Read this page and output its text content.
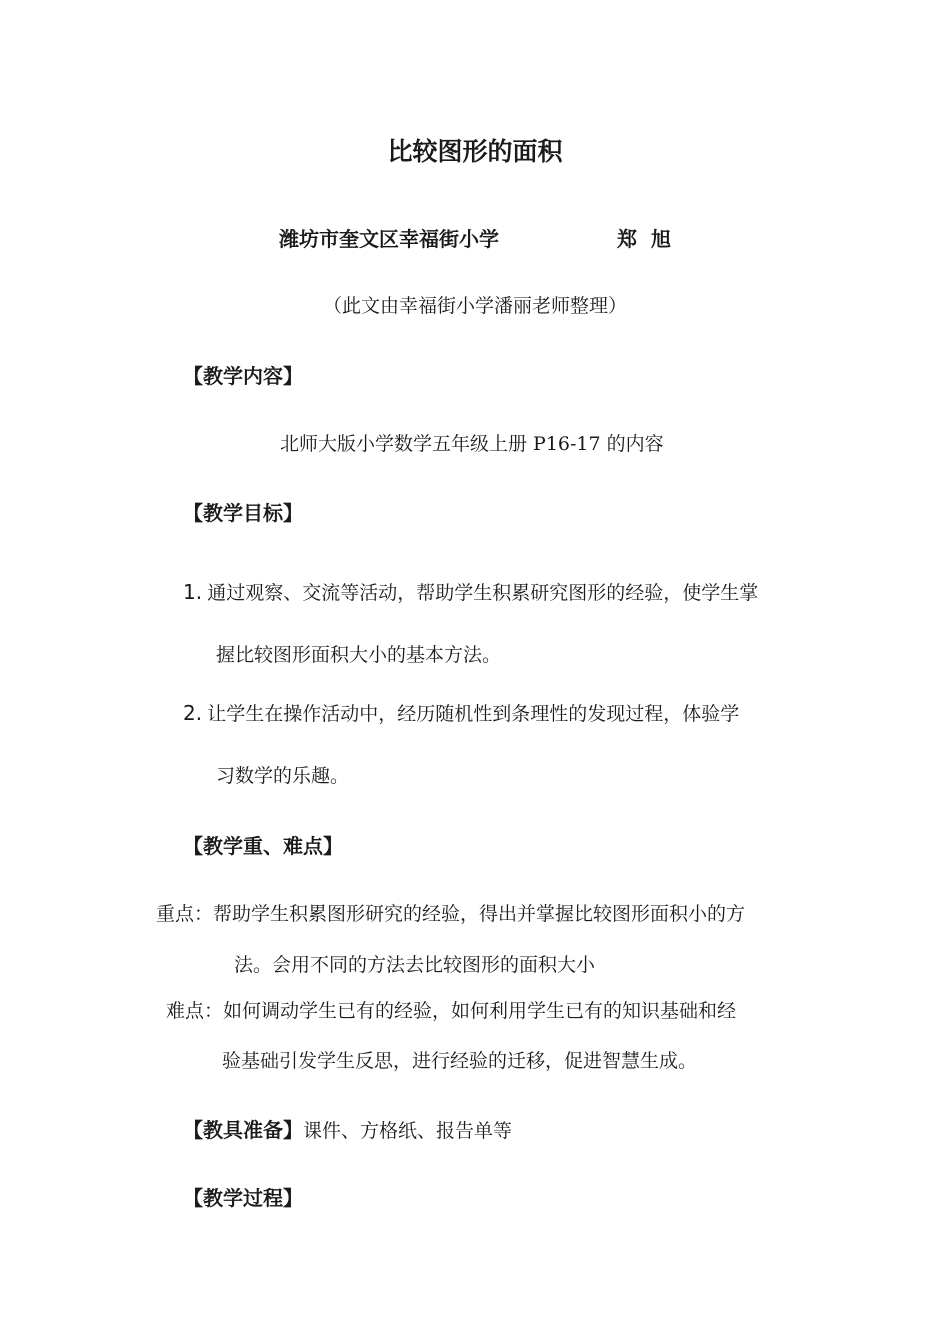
比较图形的面积
潍坊市奎文区幸福街小学	郑  旭
（此文由幸福街小学潘丽老师整理）
【教学内容】
北师大版小学数学五年级上册 P16-17 的内容
【教学目标】
1. 通过观察、交流等活动，帮助学生积累研究图形的经验，使学生掌
握比较图形面积大小的基本方法。
2. 让学生在操作活动中，经历随机性到条理性的发现过程，体验学
习数学的乐趣。
【教学重、难点】
重点：帮助学生积累图形研究的经验，得出并掌握比较图形面积小的方
法。会用不同的方法去比较图形的面积大小
难点：如何调动学生已有的经验，如何利用学生已有的知识基础和经
验基础引发学生反思，进行经验的迁移，促进智慧生成。
【教具准备】课件、方格纸、报告单等
【教学过程】
